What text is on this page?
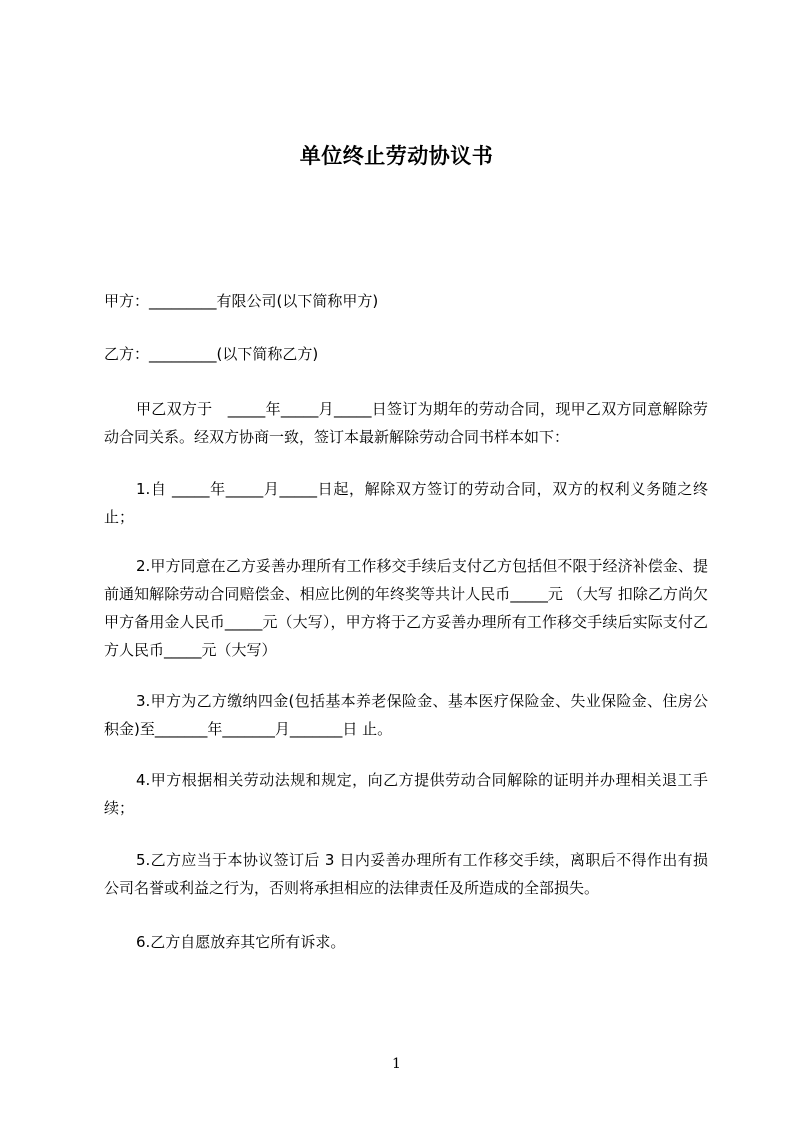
单位终止劳动协议书
甲方：_________有限公司(以下简称甲方)
乙方：_________(以下简称乙方)
甲乙双方于　_____年_____月_____日签订为期年的劳动合同，现甲乙双方同意解除劳动合同关系。经双方协商一致，签订本最新解除劳动合同书样本如下：
1.自 _____年_____月_____日起，解除双方签订的劳动合同，双方的权利义务随之终止；
2.甲方同意在乙方妥善办理所有工作移交手续后支付乙方包括但不限于经济补偿金、提前通知解除劳动合同赔偿金、相应比例的年终奖等共计人民币_____元 （大写 扣除乙方尚欠甲方备用金人民币_____元（大写），甲方将于乙方妥善办理所有工作移交手续后实际支付乙方人民币_____元（大写）
3.甲方为乙方缴纳四金(包括基本养老保险金、基本医疗保险金、失业保险金、住房公积金)至_______年_______月_______日 止。
4.甲方根据相关劳动法规和规定，向乙方提供劳动合同解除的证明并办理相关退工手续；
5.乙方应当于本协议签订后 3 日内妥善办理所有工作移交手续，离职后不得作出有损公司名誉或利益之行为，否则将承担相应的法律责任及所造成的全部损失。
6.乙方自愿放弃其它所有诉求。
1
